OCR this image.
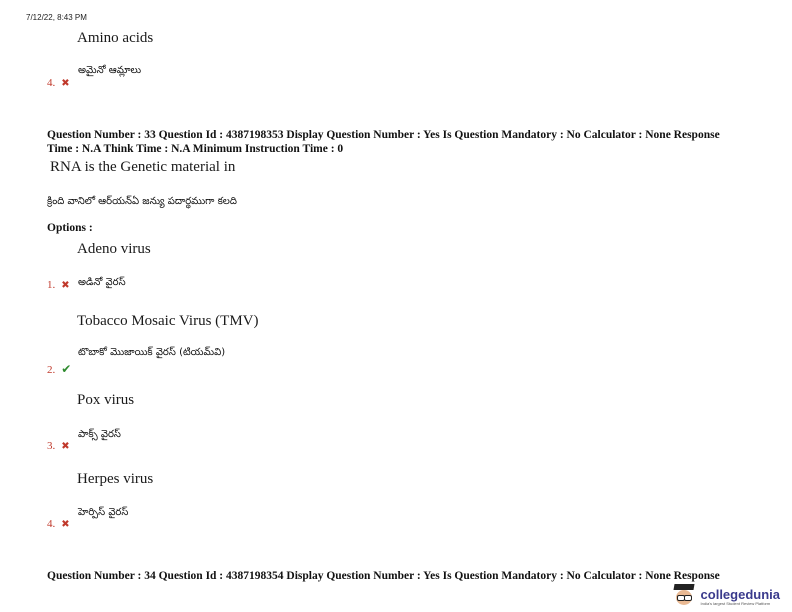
7/12/22, 8:43 PM
Amino acids
అమైనో ఆమ్లాలు
4. ✖
Question Number : 33 Question Id : 4387198353 Display Question Number : Yes Is Question Mandatory : No Calculator : None Response
Time : N.A Think Time : N.A Minimum Instruction Time : 0
RNA is the Genetic material in
క్రింది వానిలో ఆర్‌యన్‌ఏ జన్యు పదార్థముగా కలది
Options :
Adeno virus
1. ✖ అడినో వైరస్
Tobacco Mosaic Virus (TMV)
టొబాకో మొజాయిక్ వైరస్ (టియమ్‌వి)
2. ✔
Pox virus
పాక్స్ వైరస్
3. ✖
Herpes virus
హెర్పిస్ వైరస్
4. ✖
Question Number : 34 Question Id : 4387198354 Display Question Number : Yes Is Question Mandatory : No Calculator : None Response
collegedunia
India's largest Student Review Platform
